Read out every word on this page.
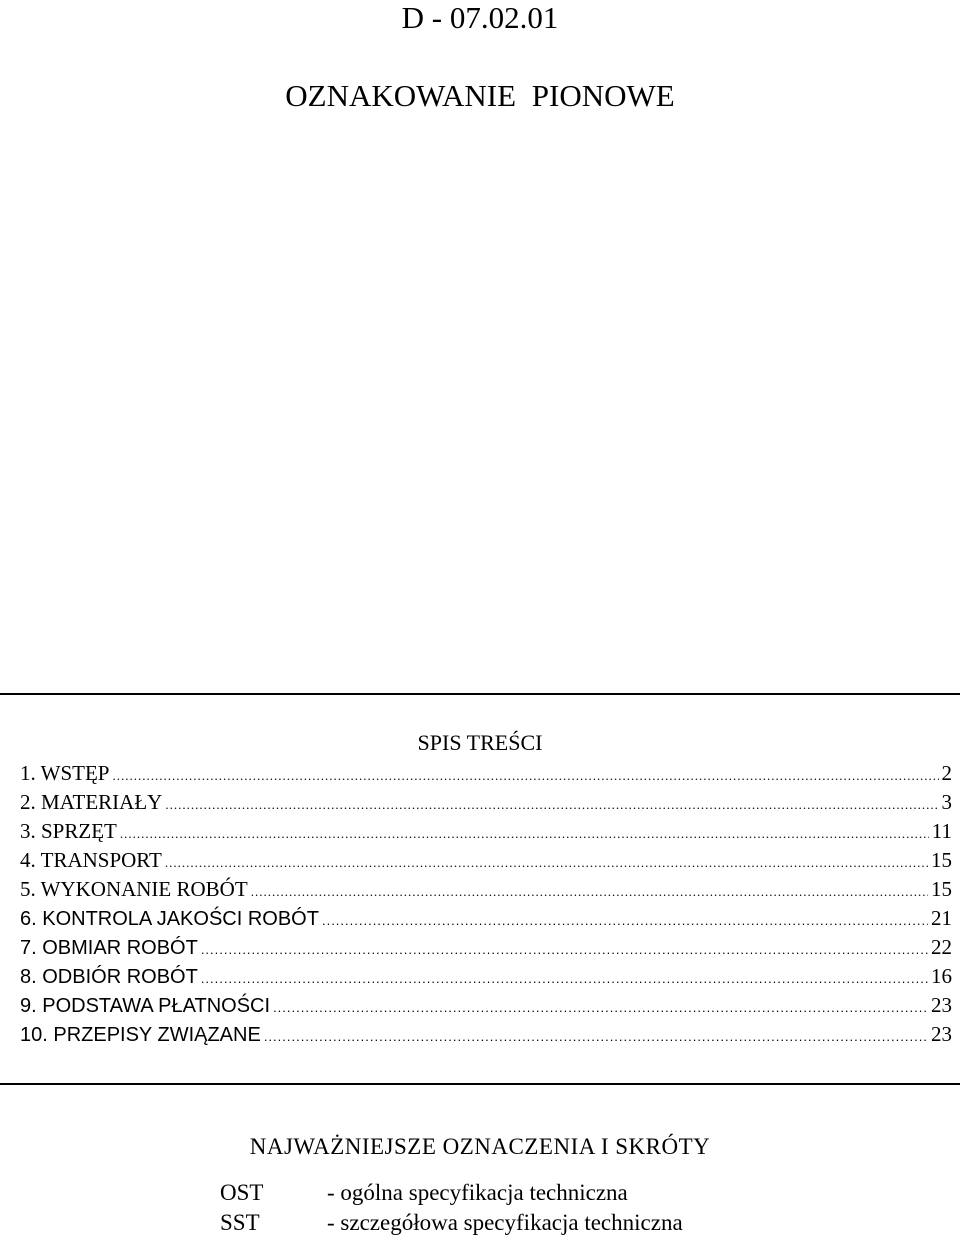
D - 07.02.01
OZNAKOWANIE PIONOWE
SPIS TREŚCI
1. WSTĘP .....	2
2. MATERIAŁY .....	3
3. SPRZĘT .....	11
4. TRANSPORT .....	15
5. WYKONANIE ROBÓT .....	15
6. KONTROLA JAKOŚCI ROBÓT .....	21
7. OBMIAR ROBÓT .....	22
8. ODBIÓR ROBÓT .....	16
9. PODSTAWA PŁATNOŚCI .....	23
10. PRZEPISY ZWIĄZANE .....	23
NAJWAŻNIEJSZE OZNACZENIA I SKRÓTY
OST	- ogólna specyfikacja techniczna
SST	- szczegółowa specyfikacja techniczna
